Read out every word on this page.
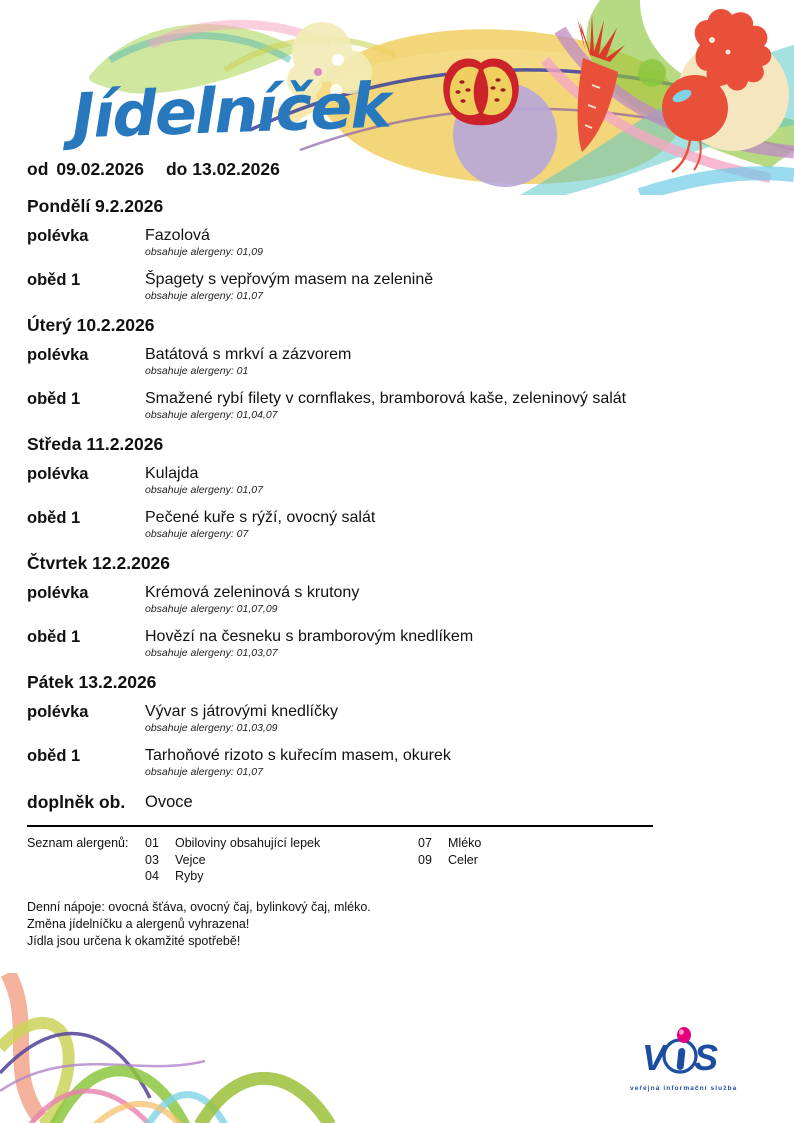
Jídelníček
od 09.02.2026 do 13.02.2026
Pondělí 9.2.2026
polévka	Fazolová
obsahuje alergeny: 01,09
oběd 1	Špagety s vepřovým masem na zelenině
obsahuje alergeny: 01,07
Úterý 10.2.2026
polévka	Batátová s mrkví a zázvorem
obsahuje alergeny: 01
oběd 1	Smažené rybí filety v cornflakes, bramborová kaše, zeleninový salát
obsahuje alergeny: 01,04,07
Středa 11.2.2026
polévka	Kulajda
obsahuje alergeny: 01,07
oběd 1	Pečené kuře s rýží, ovocný salát
obsahuje alergeny: 07
Čtvrtek 12.2.2026
polévka	Krémová zeleninová s krutony
obsahuje alergeny: 01,07,09
oběd 1	Hovězí na česneku s bramborovým knedlíkem
obsahuje alergeny: 01,03,07
Pátek 13.2.2026
polévka	Vývar s játrovými knedlíčky
obsahuje alergeny: 01,03,09
oběd 1	Tarhoňové rizoto s kuřecím masem, okurek
obsahuje alergeny: 01,07
doplněk ob.	Ovoce
Seznam alergenů:	01	Obiloviny obsahující lepek
03	Vejce
04	Ryby
07	Mléko
09	Celer
Denní nápoje: ovocná šťáva, ovocný čaj, bylinkový čaj, mléko.
Změna jídelníčku a alergenů vyhrazena!
Jídla jsou určena k okamžité spotřebě!
V S
veřejná informační služba
